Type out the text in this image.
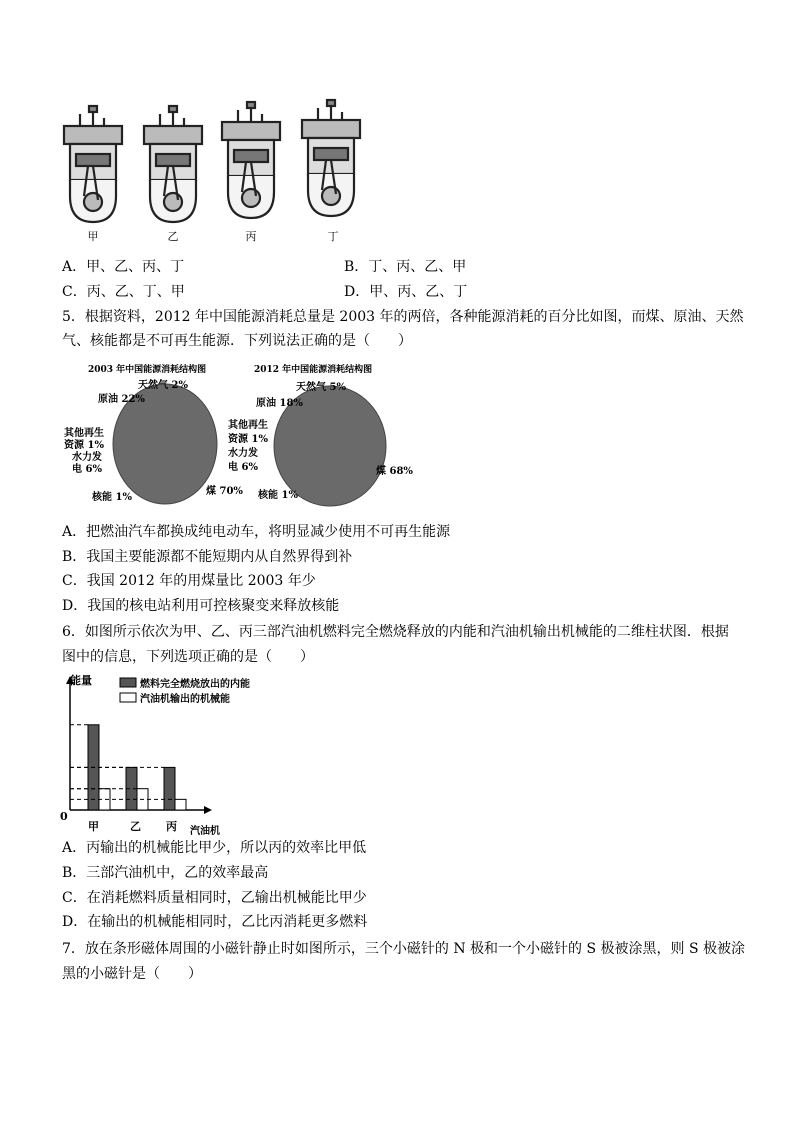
甲	乙	丙	丁
A．甲、乙、丙、丁	B．丁、丙、乙、甲
C．丙、乙、丁、甲	D．甲、丙、乙、丁
5．根据资料，2012 年中国能源消耗总量是 2003 年的两倍，各种能源消耗的百分比如图，而煤、原油、天然
气、核能都是不可再生能源．下列说法正确的是（　　）
2003 年中国能源消耗结构图
天然气 2%
原油 22%
其他再生
资源 1%
水力发
电 6%
核能 1%
煤 70%
2012 年中国能源消耗结构图
天然气 5%
原油 18%
其他再生
资源 1%
水力发
电 6%
核能 1%
煤 68%
A．把燃油汽车都换成纯电动车，将明显减少使用不可再生能源
B．我国主要能源都不能短期内从自然界得到补
C．我国 2012 年的用煤量比 2003 年少
D．我国的核电站利用可控核聚变来释放核能
6．如图所示依次为甲、乙、丙三部汽油机燃料完全燃烧释放的内能和汽油机输出机械能的二维柱状图．根据
图中的信息，下列选项正确的是（　　）
能量	燃料完全燃烧放出的内能
汽油机输出的机械能
0
甲	乙 丙 汽油机
A．丙输出的机械能比甲少，所以丙的效率比甲低
B．三部汽油机中，乙的效率最高
C．在消耗燃料质量相同时，乙输出机械能比甲少
D．在输出的机械能相同时，乙比丙消耗更多燃料
7．放在条形磁体周围的小磁针静止时如图所示，三个小磁针的 N 极和一个小磁针的 S 极被涂黑，则 S 极被涂
黑的小磁针是（　　）
